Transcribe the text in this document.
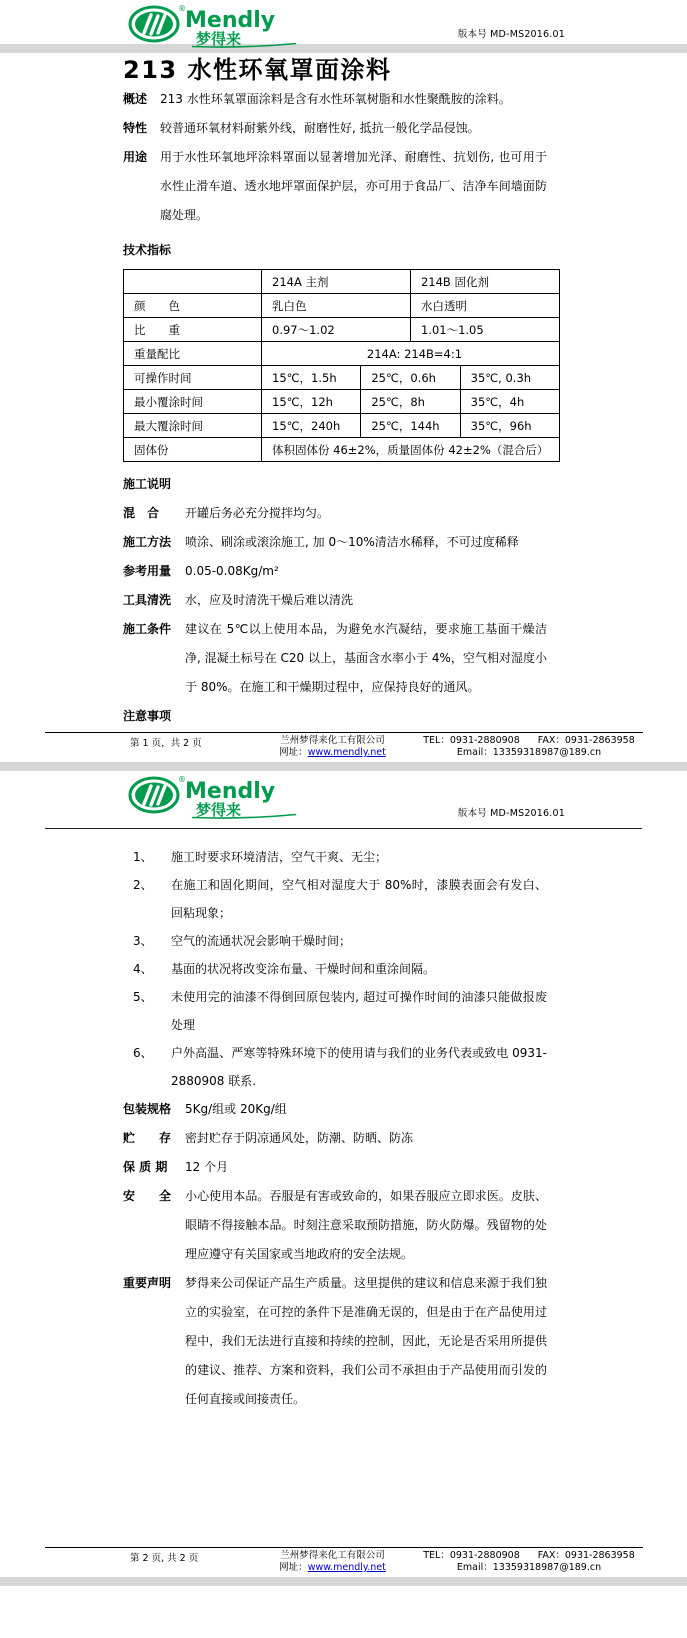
® Mendly
梦得来	版本号 MD-MS2016.01
213 水性环氧罩面涂料
概述	213 水性环氧罩面涂料是含有水性环氧树脂和水性聚酰胺的涂料。
特性	较普通环氧材料耐紫外线，耐磨性好, 抵抗一般化学品侵蚀。
用途	用于水性环氧地坪涂料罩面以显著增加光泽、耐磨性、抗划伤, 也可用于水性止滑车道、透水地坪罩面保护层，亦可用于食品厂、洁净车间墙面防腐处理。
技术指标
	214A 主剂		214B 固化剂	
颜　　色	乳白色		水白透明	
比　　重	0.97～1.02		1.01～1.05	
重量配比	214A: 214B=4:1			
可操作时间	15℃，1.5h	25℃，0.6h		35℃, 0.3h
最小覆涂时间	15℃，12h	25℃，8h		35℃，4h
最大覆涂时间	15℃，240h	25℃，144h		35℃，96h
固体份	体积固体份 46±2%，质量固体份 42±2%（混合后）			
施工说明
混　合	开罐后务必充分搅拌均匀。
施工方法	喷涂、刷涂或滚涂施工, 加 0～10%清洁水稀释，不可过度稀释
参考用量	0.05-0.08Kg/m²
工具清洗	水，应及时清洗干燥后难以清洗
施工条件	建议在 5℃以上使用本品，为避免水汽凝结，要求施工基面干燥洁净, 混凝土标号在 C20 以上，基面含水率小于 4%，空气相对湿度小于 80%。在施工和干燥期过程中，应保持良好的通风。
注意事项
第 1 页，共 2 页	兰州梦得来化工有限公司
网址：www.mendly.net
TEL：0931-2880908 FAX：0931-2863958
Email：13359318987@189.cn
® Mendly
梦得来	版本号 MD-MS2016.01
1、	施工时要求环境清洁，空气干爽、无尘；
2、	在施工和固化期间，空气相对湿度大于 80%时，漆膜表面会有发白、回粘现象；
3、	空气的流通状况会影响干燥时间；
4、	基面的状况将改变涂布量、干燥时间和重涂间隔。
5、	未使用完的油漆不得倒回原包装内, 超过可操作时间的油漆只能做报废处理
6、	户外高温、严寒等特殊环境下的使用请与我们的业务代表或致电 0931-2880908 联系.
包装规格	5Kg/组或 20Kg/组
贮　　存	密封贮存于阴凉通风处，防潮、防晒、防冻
保 质 期	12 个月
安　　全	小心使用本品。吞服是有害或致命的，如果吞服应立即求医。皮肤、眼睛不得接触本品。时刻注意采取预防措施，防火防爆。残留物的处理应遵守有关国家或当地政府的安全法规。
重要声明	梦得来公司保证产品生产质量。这里提供的建议和信息来源于我们独立的实验室，在可控的条件下是准确无误的，但是由于在产品使用过程中，我们无法进行直接和持续的控制，因此，无论是否采用所提供的建议、推荐、方案和资料，我们公司不承担由于产品使用而引发的任何直接或间接责任。
第 2 页, 共 2 页	兰州梦得来化工有限公司
网址：www.mendly.net
TEL：0931-2880908 FAX：0931-2863958
Email：13359318987@189.cn
